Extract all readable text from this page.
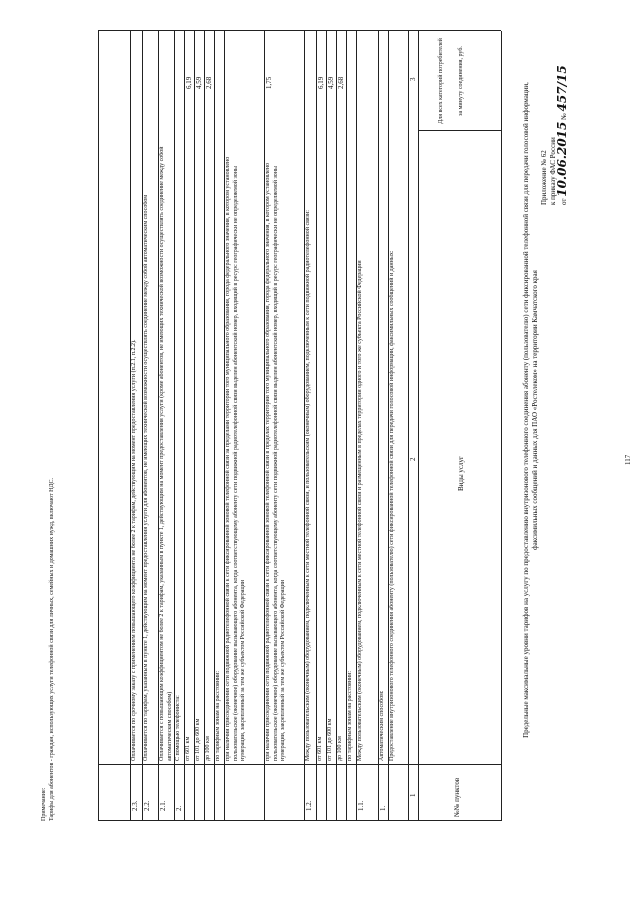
117
Приложение № 62 к приказу ФАС России от 10.06.2015 № 457/15
Предельные максимальные уровни тарифов на услугу по предоставлению внутризонового телефонного соединения абоненту (пользователю) сети фиксированной телефонной связи для передачи голосовой информации, факсимильных сообщений и данных для ПАО «Ростелеком» на территории Камчатского края
№№ пунктов
Виды услуг
Для всех категорий потребителей за минуту соединения, руб.
1
2
3
Предоставление внутризонового телефонного соединения абоненту (пользователю) сети фиксированной телефонной связи для передачи голосовой информации, факсимильных сообщений и данных:
1.
Автоматическим способом:
1.1.
Между пользовательским (оконечным) оборудованием, подключенным к сети местной телефонной связи и размещенным в пределах территории одного и того же субъекта Российской Федерации
по тарифным зонам на расстоянии:
до 100 км
2,68
от 101 до 600 км
4,59
от 601 км
6,19
1.2.
Между пользовательским (оконечным) оборудованием, подключенным к сети местной телефонной связи, и пользовательским (оконечным) оборудованием, подключенным к сети подвижной радиотелефонной связи:
при наличии присоединения сети подвижной радиотелефонной связи к сети фиксированной зоновой телефонной связи в пределах территории того муниципального образования, города федерального значения, в котором установлено пользовательское (оконечное) оборудование вызывающего абонента, когда соответствующему абоненту сети подвижной радиотелефонной связи выделен абонентский номер, входящий в ресурс географически не определяемой зоны нумерации, закрепленный за тем же субъектом Российской Федерации
1,75
при наличии присоединения сети подвижной радиотелефонной связи к сети фиксированной зоновой телефонной связи за пределами территории того муниципального образования, города федерального значения, в котором установлено пользовательское (оконечное) оборудование вызывающего абонента, когда соответствующему абоненту сети подвижной радиотелефонной связи выделен абонентский номер, входящий в ресурс географически не определяемой зоны нумерации, закрепленный за тем же субъектом Российской Федерации
по тарифным зонам на расстоянии:
до 100 км
2,68
от 101 до 600 км
4,59
от 601 км
6,19
2.
С помощью телефониста:
2.1.
Оплачивается с повышающим коэффициентом не более 2 к тарифам, указанным в пункте 1, действующим на момент предоставления услуги (кроме абонентов, не имеющих технической возможности осуществлять соединение между собой автоматическим способом)
2.2.
Оплачивается по тарифам, указанным в пункте 1, действующим на момент предоставления услуги для абонентов, не имеющих технической возможности осуществлять соединение между собой автоматическим способом
2.3.
Оплачивается по срочному заказу с применением повышающего коэффициента не более 2 к тарифам, действующим на момент предоставления услуги (п.2.1, п.2.2).
Примечание: Тарифы для абонентов - граждан, использующих услуги телефонной связи для личных, семейных и домашних нужд, включают НДС.
